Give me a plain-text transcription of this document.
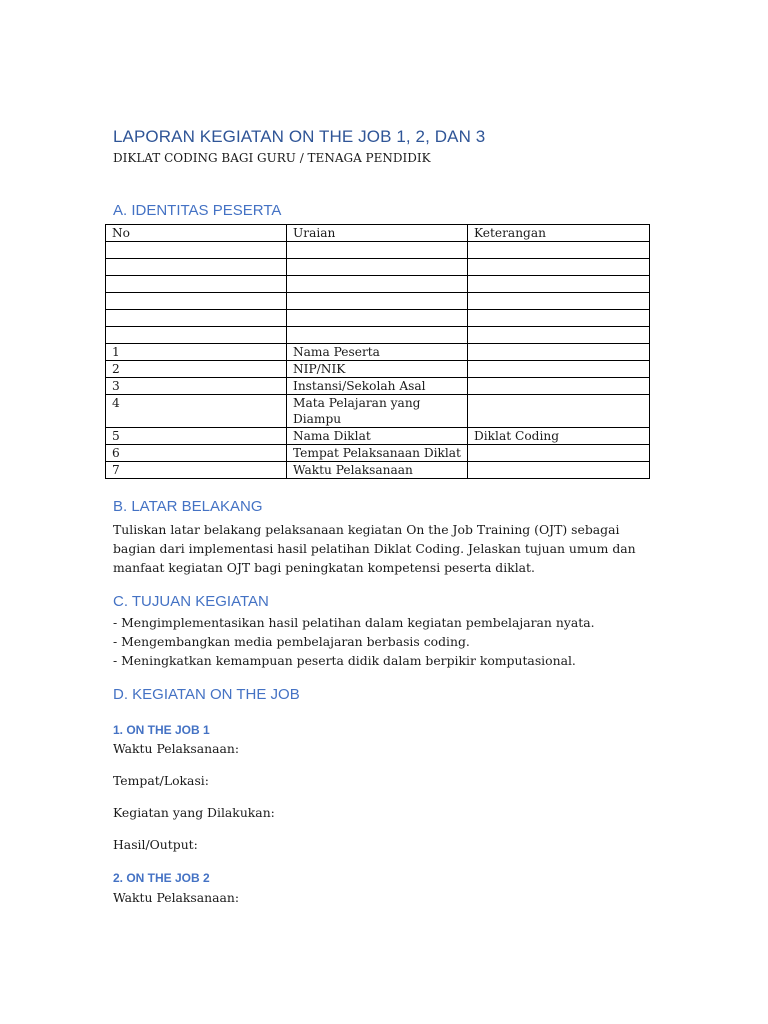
LAPORAN KEGIATAN ON THE JOB 1, 2, DAN 3
DIKLAT CODING BAGI GURU / TENAGA PENDIDIK
A. IDENTITAS PESERTA
B. LATAR BELAKANG
Tuliskan latar belakang pelaksanaan kegiatan On the Job Training (OJT) sebagai bagian dari implementasi hasil pelatihan Diklat Coding. Jelaskan tujuan umum dan manfaat kegiatan OJT bagi peningkatan kompetensi peserta diklat.
C. TUJUAN KEGIATAN
- Mengimplementasikan hasil pelatihan dalam kegiatan pembelajaran nyata.
- Mengembangkan media pembelajaran berbasis coding.
- Meningkatkan kemampuan peserta didik dalam berpikir komputasional.
D. KEGIATAN ON THE JOB
1. ON THE JOB 1
Waktu Pelaksanaan:
Tempat/Lokasi:
Kegiatan yang Dilakukan:
Hasil/Output:
2. ON THE JOB 2
Waktu Pelaksanaan:
No	Uraian	Keterangan

1	Nama Peserta	
2	NIP/NIK	
3	Instansi/Sekolah Asal	
4	Mata Pelajaran yang Diampu	
5	Nama Diklat	Diklat Coding
6	Tempat Pelaksanaan Diklat	
7	Waktu Pelaksanaan	
